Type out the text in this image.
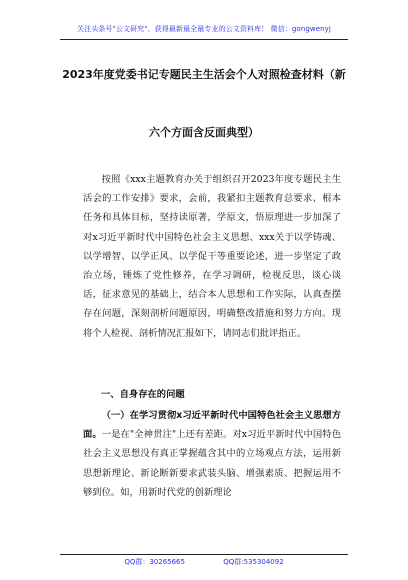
关注头条号"公文研究"，获得最新最全最专业的公文资料库！ 微信：gongwenyj
2023年度党委书记专题民主生活会个人对照检查材料（新
六个方面含反面典型）

按照《xxx主题教育办关于组织召开2023年度专题民主生活会的工作安排》要求，会前，我紧扣主题教育总要求、根本任务和具体目标，坚持读原著，学原文，悟原理进一步加深了对x习近平新时代中国特色社会主义思想、xxx关于以学铸魂、以学增智、以学正风、以学促干等重要论述，进一步坚定了政治立场，锤炼了党性修养，在学习调研，检视反思，谈心谈话，征求意见的基础上，结合本人思想和工作实际，认真查摆存在问题，深刻剖析问题原因，明确整改措施和努力方向。现将个人检视、剖析情况汇报如下，请同志们批评指正。

一、自身存在的问题

（一）在学习贯彻x习近平新时代中国特色社会主义思想方面。一是在"全神贯注"上还有差距。对x习近平新时代中国特色社会主义思想没有真正掌握蕴含其中的立场观点方法，运用新思想新理论、新论断新要求武装头脑、增强素质、把握运用不够到位。如，用新时代党的创新理论

QQ群：30265665	QQ群:535304092
